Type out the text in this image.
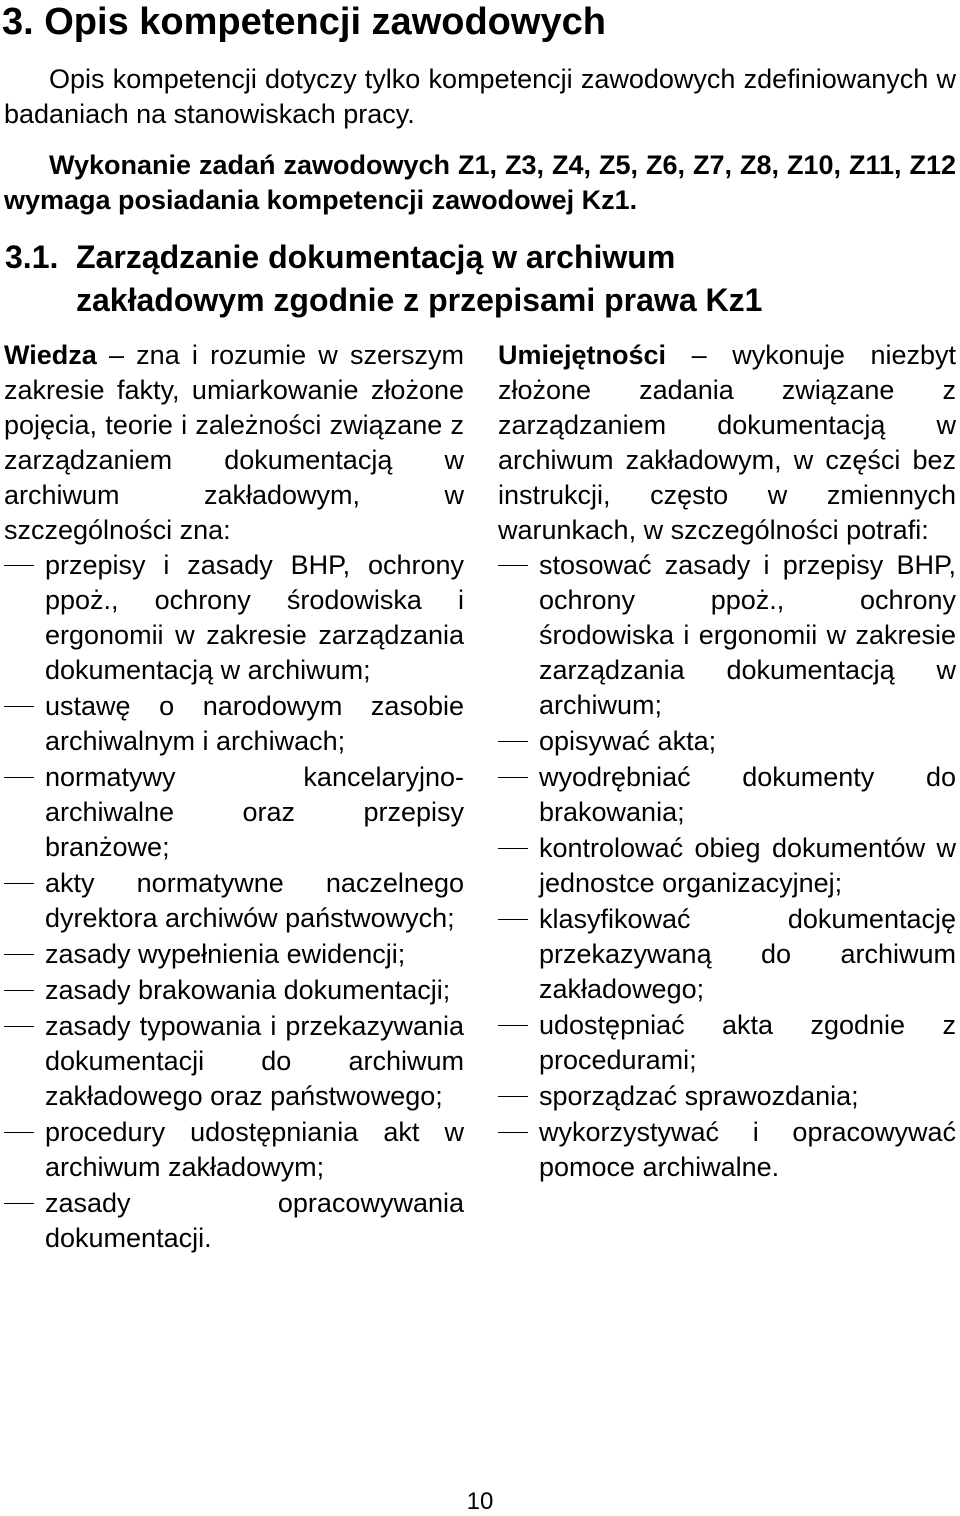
3. Opis kompetencji zawodowych

Opis kompetencji dotyczy tylko kompetencji zawodowych zdefiniowanych w badaniach na stanowiskach pracy.

Wykonanie zadań zawodowych Z1, Z3, Z4, Z5, Z6, Z7, Z8, Z10, Z11, Z12 wymaga posiadania kompetencji zawodowej Kz1.

3.1. Zarządzanie dokumentacją w archiwum
zakładowym zgodnie z przepisami prawa Kz1

Wiedza – zna i rozumie w szerszym zakresie fakty, umiarkowanie złożone pojęcia, teorie i zależności związane z zarządzaniem dokumentacją w archiwum zakładowym, w szczególności zna:

przepisy i zasady BHP, ochrony ppoż., ochrony środowiska i ergonomii w zakresie zarządzania dokumentacją w archiwum;
ustawę o narodowym zasobie archiwalnym i archiwach;
normatywy kancelaryjno-archiwalne oraz przepisy branżowe;
akty normatywne naczelnego dyrektora archiwów państwowych;
zasady wypełnienia ewidencji;
zasady brakowania dokumentacji;
zasady typowania i przekazywania dokumentacji do archiwum zakładowego oraz państwowego;
procedury udostępniania akt w archiwum zakładowym;
zasady opracowywania dokumentacji.

Umiejętności – wykonuje niezbyt złożone zadania związane z zarządzaniem dokumentacją w archiwum zakładowym, w części bez instrukcji, często w zmiennych warunkach, w szczególności potrafi:

stosować zasady i przepisy BHP, ochrony ppoż., ochrony środowiska i ergonomii w zakresie zarządzania dokumentacją w archiwum;
opisywać akta;
wyodrębniać dokumenty do brakowania;
kontrolować obieg dokumentów w jednostce organizacyjnej;
klasyfikować dokumentację przekazywaną do archiwum zakładowego;
udostępniać akta zgodnie z procedurami;
sporządzać sprawozdania;
wykorzystywać i opracowywać pomoce archiwalne.
10
